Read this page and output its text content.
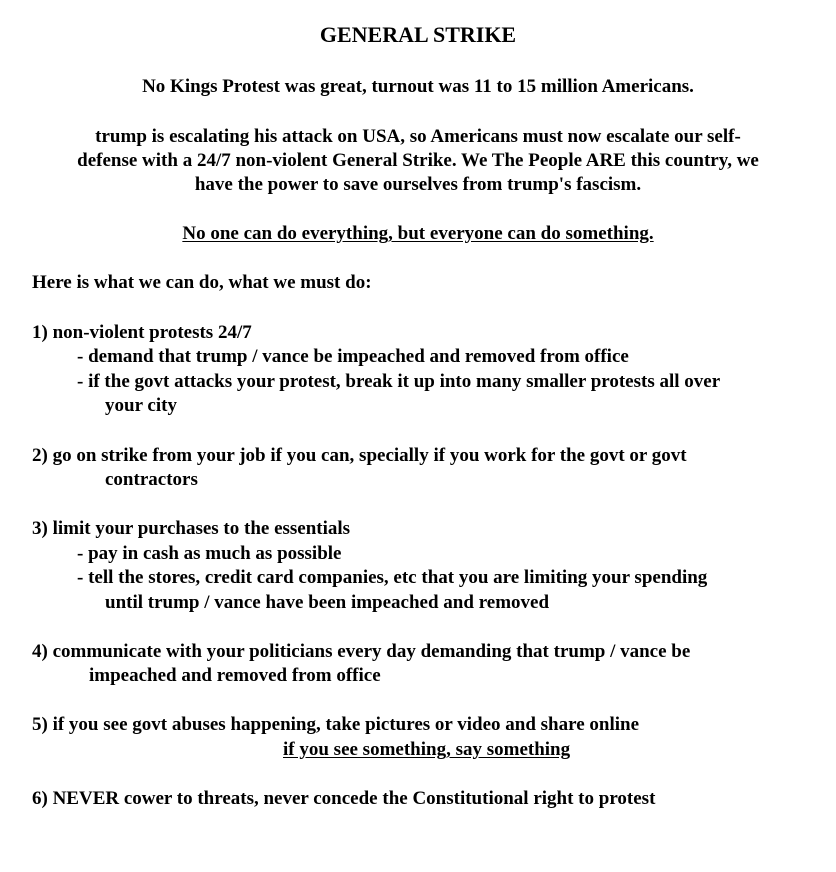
GENERAL STRIKE
No Kings Protest was great, turnout was 11 to 15 million Americans.
trump is escalating his attack on USA, so Americans must now escalate our self-
defense with a 24/7 non-violent General Strike. We The People ARE this country, we
have the power to save ourselves from trump's fascism.
No one can do everything, but everyone can do something.
Here is what we can do, what we must do:
1) non-violent protests 24/7
- demand that trump / vance be impeached and removed from office
- if the govt attacks your protest, break it up into many smaller protests all over
your city
2) go on strike from your job if you can, specially if you work for the govt or govt
contractors
3) limit your purchases to the essentials
- pay in cash as much as possible
- tell the stores, credit card companies, etc that you are limiting your spending
until trump / vance have been impeached and removed
4) communicate with your politicians every day demanding that trump / vance be
impeached and removed from office
5) if you see govt abuses happening, take pictures or video and share online
if you see something, say something
6) NEVER cower to threats, never concede the Constitutional right to protest
